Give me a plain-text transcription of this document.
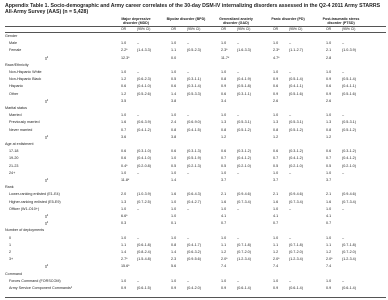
Appendix Table 1. Socio-demographic and Army career correlates of the 30-day DSM-IV internalizing disorders assessed in the Q2-4 2011 Army STARRS All-Army Survey (AAS) (n = 5,428)
Major depressive disorder (MDD)
OR	(95% CI)
Bipolar disorder (BPD)
OR	(95% CI)
Generalized anxiety disorder (GAD)
OR	(95% CI)
Panic disorder (PD)
OR	(95% CI)
Post-traumatic stress disorder (PTSD)
OR	(95% CI)
Gender
Male	1.0	–	1.0	–	1.0	–	1.0	–	1.0	–
Female	2.2*	(1.4-3.3)	1.1	(0.5-2.3)	2.3*	(1.6-3.3)	2.3*	(1.1-2.7)	2.1	(1.0-3.9)
χ²	12.3*	0.0	11.7*	4.7*	2.8
Race/Ethnicity
Non-Hispanic White	1.0	–	1.0	–	1.0	–	1.0	–	1.0	–
Non-Hispanic Black	1.2	(0.6-2.3)	0.5	(0.3-1.1)	0.8	(0.4-1.9)	0.9	(0.5-1.4)	0.9	(0.5-1.4)
Hispanic	0.6	(0.4-1.0)	0.6	(0.3-1.4)	0.9	(0.5-1.8)	0.6	(0.4-1.1)	0.6	(0.4-1.1)
Other	1.2	(0.5-2.6)	1.4	(0.5-3.3)	0.6	(0.3-1.1)	0.9	(0.5-1.6)	0.9	(0.5-1.6)
χ²	3.5	3.8	3.4	2.6	2.6
Marital status
Married	1.0	–	1.0	–	1.0	–	1.0	–	1.0	–
Previously married	1.6	(0.6-3.9)	2.4	(0.6-9.0)	1.3	(0.5-3.1)	1.3	(0.5-3.1)	1.3	(0.5-3.1)
Never married	0.7	(0.4-1.2)	0.8	(0.4-1.5)	0.8	(0.5-1.2)	0.8	(0.5-1.2)	0.8	(0.5-1.2)
χ²	3.6	3.8	1.2	1.2	1.2
Age at enlistment
17-18	0.6	(0.3-1.0)	0.6	(0.3-1.3)	0.6	(0.3-1.2)	0.6	(0.3-1.2)	0.6	(0.3-1.2)
19-20	0.6	(0.4-1.0)	1.0	(0.5-1.9)	0.7	(0.4-1.2)	0.7	(0.4-1.2)	0.7	(0.4-1.2)
21-23	0.4*	(0.2-0.8)	0.5	(0.2-1.3)	0.5	(0.2-1.0)	0.5	(0.2-1.0)	0.5	(0.2-1.0)
24+	1.0	–	1.0	–	1.0	–	1.0	–	1.0	–
χ²	11.8*	1.4	3.7	3.7	3.7
Rank
Lower-ranking enlisted (E1-E4)	2.0	(1.0-3.9)	1.6	(0.6-4.3)	2.1	(0.9-4.6)	2.1	(0.9-4.6)	2.1	(0.9-4.6)
Higher-ranking enlisted (E5-E9)	1.3	(0.7-2.5)	1.0	(0.4-2.7)	1.6	(0.7-3.4)	1.6	(0.7-3.4)	1.6	(0.7-3.4)
Officer (W1-O10+)	1.0	–	1.0	–	1.0	–	1.0	–	1.0	–
χ²	6.6*	1.0	4.1	4.1	4.1
χ²	0.3	0.1	0.7	0.7	0.7
Number of deployments
0	1.0	–	1.0	–	1.0	–	1.0	–	1.0	–
1	1.1	(0.6-1.8)	0.8	(0.4-1.7)	1.1	(0.7-1.8)	1.1	(0.7-1.8)	1.1	(0.7-1.8)
2	1.4	(0.8-2.4)	1.4	(0.6-3.2)	1.2	(0.7-2.0)	1.2	(0.7-2.0)	1.2	(0.7-2.0)
3+	2.7*	(1.5-4.8)	2.3	(0.9-5.6)	2.0*	(1.2-3.4)	2.0*	(1.2-3.4)	2.0*	(1.2-3.4)
χ²	15.6*	5.6	7.4	7.4	7.4
Command
Forces Command (FORSCOM)	1.0	–	1.0	–	1.0	–	1.0	–	1.0	–
Army Service Component Commands¹	0.9	(0.6-1.5)	0.9	(0.4-2.0)	0.9	(0.6-1.4)	0.9	(0.6-1.4)	0.9	(0.6-1.4)
